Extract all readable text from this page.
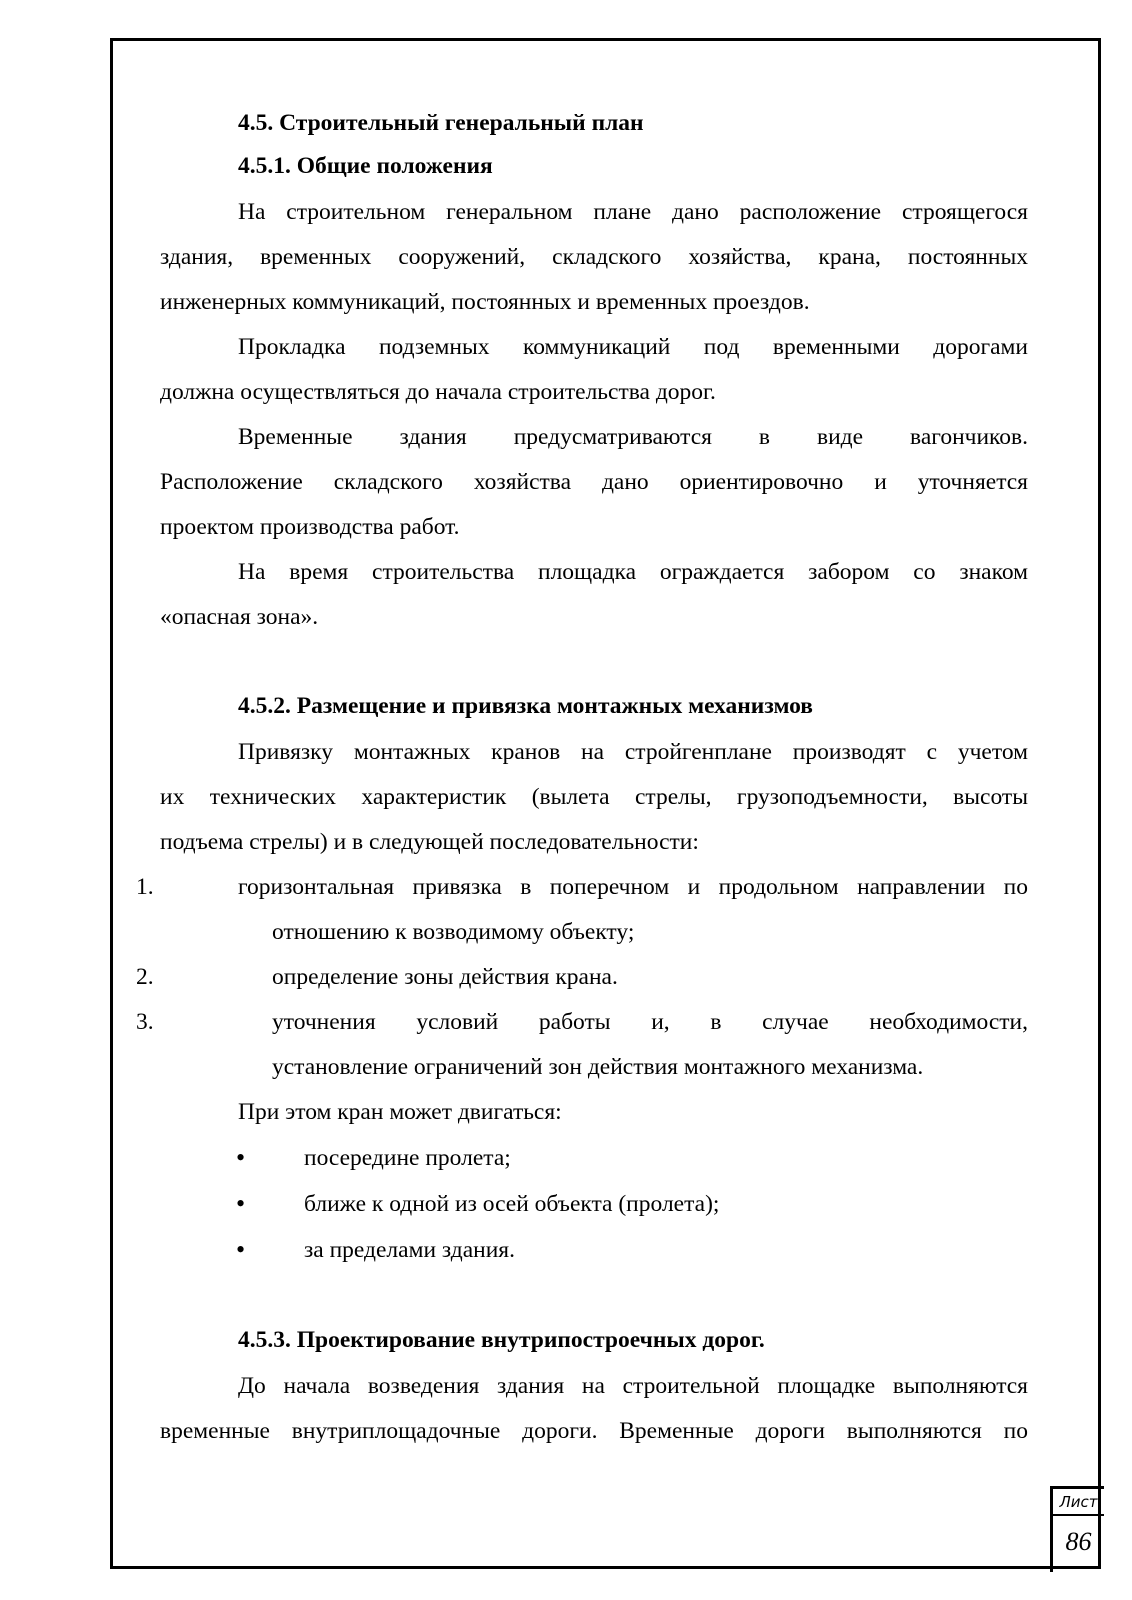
4.5. Строительный генеральный план
4.5.1. Общие положения
На строительном генеральном плане дано расположение строящегося
здания, временных сооружений, складского хозяйства, крана, постоянных
инженерных коммуникаций, постоянных и временных проездов.
Прокладка подземных коммуникаций под временными дорогами
должна осуществляться до начала строительства дорог.
Временные здания предусматриваются в виде вагончиков.
Расположение складского хозяйства дано ориентировочно и уточняется
проектом производства работ.
На время строительства площадка ограждается забором со знаком
«опасная зона».
4.5.2. Размещение и привязка монтажных механизмов
Привязку монтажных кранов на стройгенплане производят с учетом
их технических характеристик (вылета стрелы, грузоподъемности, высоты
подъема стрелы) и в следующей последовательности:
1.	горизонтальная привязка в поперечном и продольном направлении по
отношению к возводимому объекту;
2.	определение зоны действия крана.
3.	уточнения условий работы и, в случае необходимости,
установление ограничений зон действия монтажного механизма.
При этом кран может двигаться:
•	посередине пролета;
•	ближе к одной из осей объекта (пролета);
•	за пределами здания.
4.5.3. Проектирование внутрипостроечных дорог.
До начала возведения здания на строительной площадке выполняются
временные внутриплощадочные дороги. Временные дороги выполняются по
Лист
86
